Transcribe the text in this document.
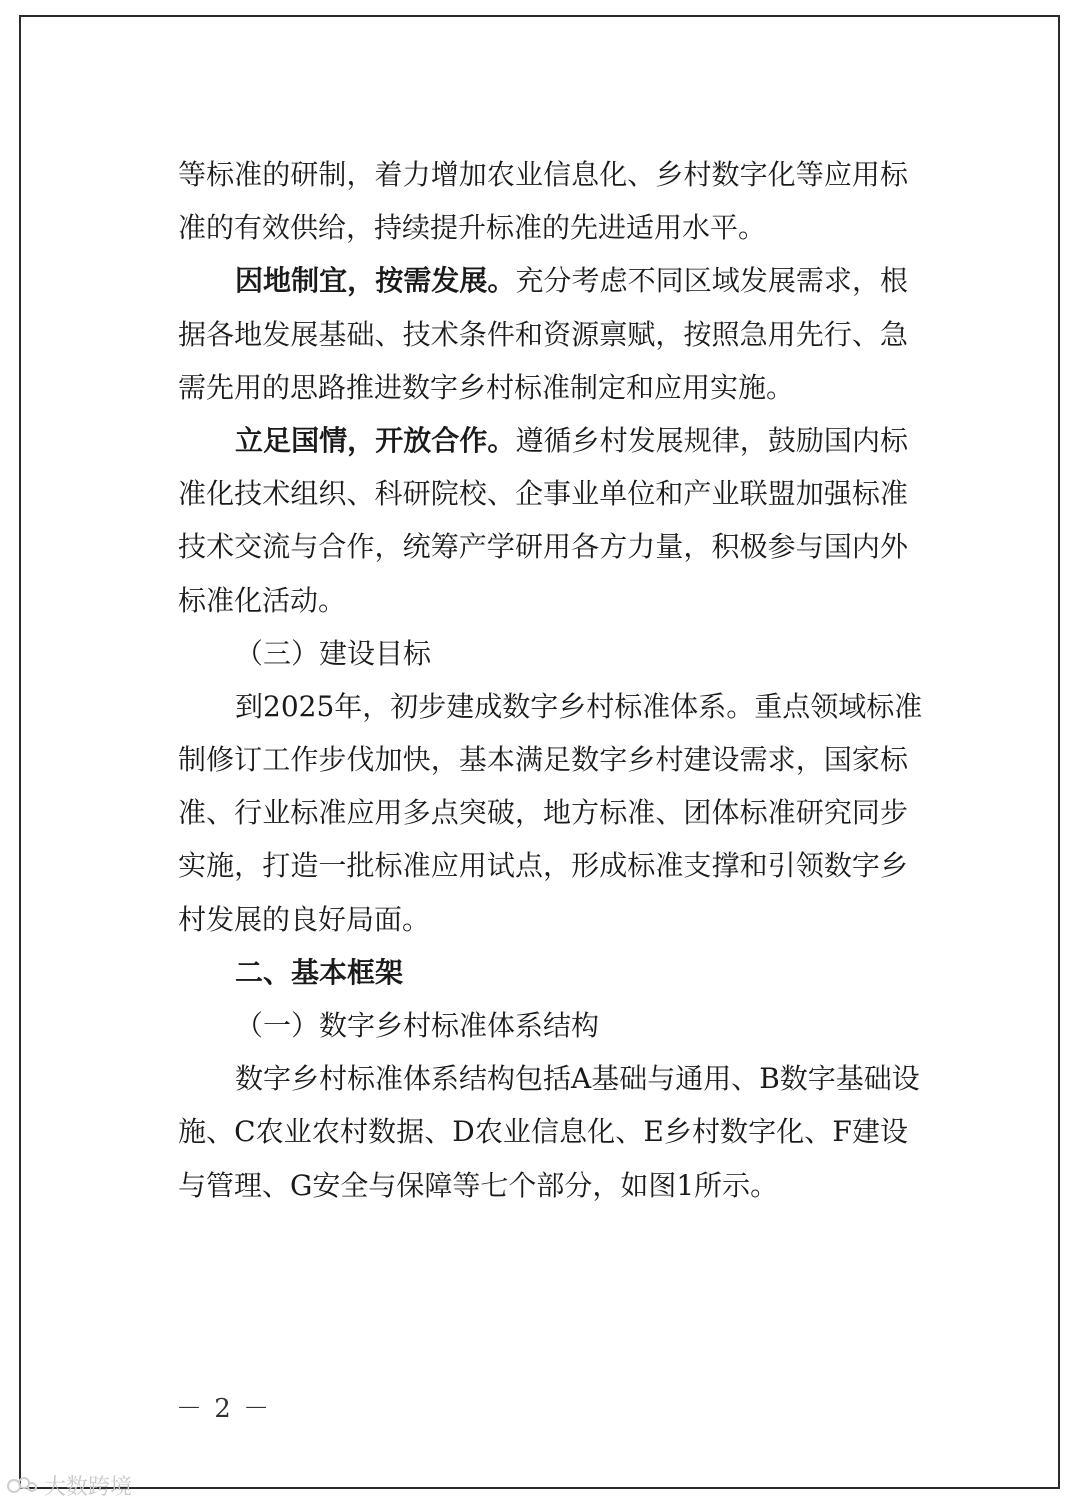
等标准的研制，着力增加农业信息化、乡村数字化等应用标
准的有效供给，持续提升标准的先进适用水平。
因地制宜，按需发展。充分考虑不同区域发展需求，根
据各地发展基础、技术条件和资源禀赋，按照急用先行、急
需先用的思路推进数字乡村标准制定和应用实施。
立足国情，开放合作。遵循乡村发展规律，鼓励国内标
准化技术组织、科研院校、企事业单位和产业联盟加强标准
技术交流与合作，统筹产学研用各方力量，积极参与国内外
标准化活动。
（三）建设目标
到2025年，初步建成数字乡村标准体系。重点领域标准
制修订工作步伐加快，基本满足数字乡村建设需求，国家标
准、行业标准应用多点突破，地方标准、团体标准研究同步
实施，打造一批标准应用试点，形成标准支撑和引领数字乡
村发展的良好局面。
二、基本框架
（一）数字乡村标准体系结构
数字乡村标准体系结构包括A基础与通用、B数字基础设
施、C农业农村数据、D农业信息化、E乡村数字化、F建设
与管理、G安全与保障等七个部分，如图1所示。
－ 2 －
大数跨境
